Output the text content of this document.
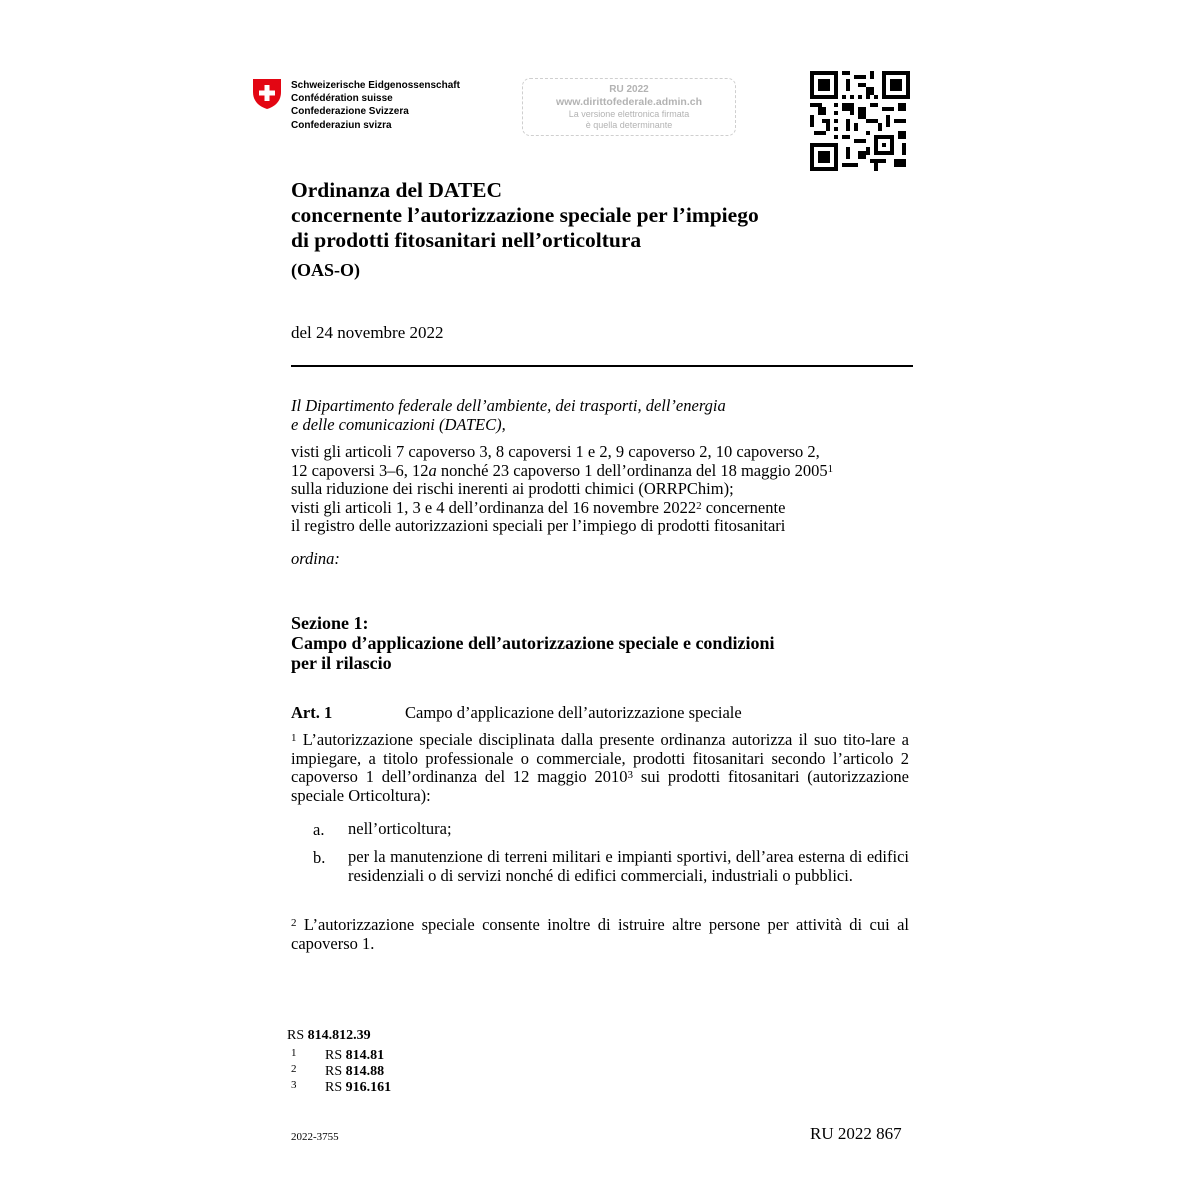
Schweizerische Eidgenossenschaft
Confédération suisse
Confederazione Svizzera
Confederaziun svizra
RU 2022
www.dirittofederale.admin.ch
La versione elettronica firmata
è quella determinante
Ordinanza del DATEC
concernente l’autorizzazione speciale per l’impiego
di prodotti fitosanitari nell’orticoltura
(OAS-O)
del 24 novembre 2022
Il Dipartimento federale dell’ambiente, dei trasporti, dell’energia
e delle comunicazioni (DATEC),
visti gli articoli 7 capoverso 3, 8 capoversi 1 e 2, 9 capoverso 2, 10 capoverso 2,
12 capoversi 3–6, 12a nonché 23 capoverso 1 dell’ordinanza del 18 maggio 2005$^1$
sulla riduzione dei rischi inerenti ai prodotti chimici (ORRPChim);
visti gli articoli 1, 3 e 4 dell’ordinanza del 16 novembre 2022$^2$ concernente
il registro delle autorizzazioni speciali per l’impiego di prodotti fitosanitari
ordina:
Sezione 1:
Campo d’applicazione dell’autorizzazione speciale e condizioni
per il rilascio
Art. 1	Campo d’applicazione dell’autorizzazione speciale
$^1$ L’autorizzazione speciale disciplinata dalla presente ordinanza autorizza il suo tito-lare a impiegare, a titolo professionale o commerciale, prodotti fitosanitari secondo l’articolo 2 capoverso 1 dell’ordinanza del 12 maggio 2010$^3$ sui prodotti fitosanitari (autorizzazione speciale Orticoltura):
a. nell’orticoltura;
b. per la manutenzione di terreni militari e impianti sportivi, dell’area esterna di edifici residenziali o di servizi nonché di edifici commerciali, industriali o pubblici.
$^2$ L’autorizzazione speciale consente inoltre di istruire altre persone per attività di cui al capoverso 1.
RS 814.812.39
1 RS 814.81
2 RS 814.88
3 RS 916.161
2022-3755	RU 2022 867
